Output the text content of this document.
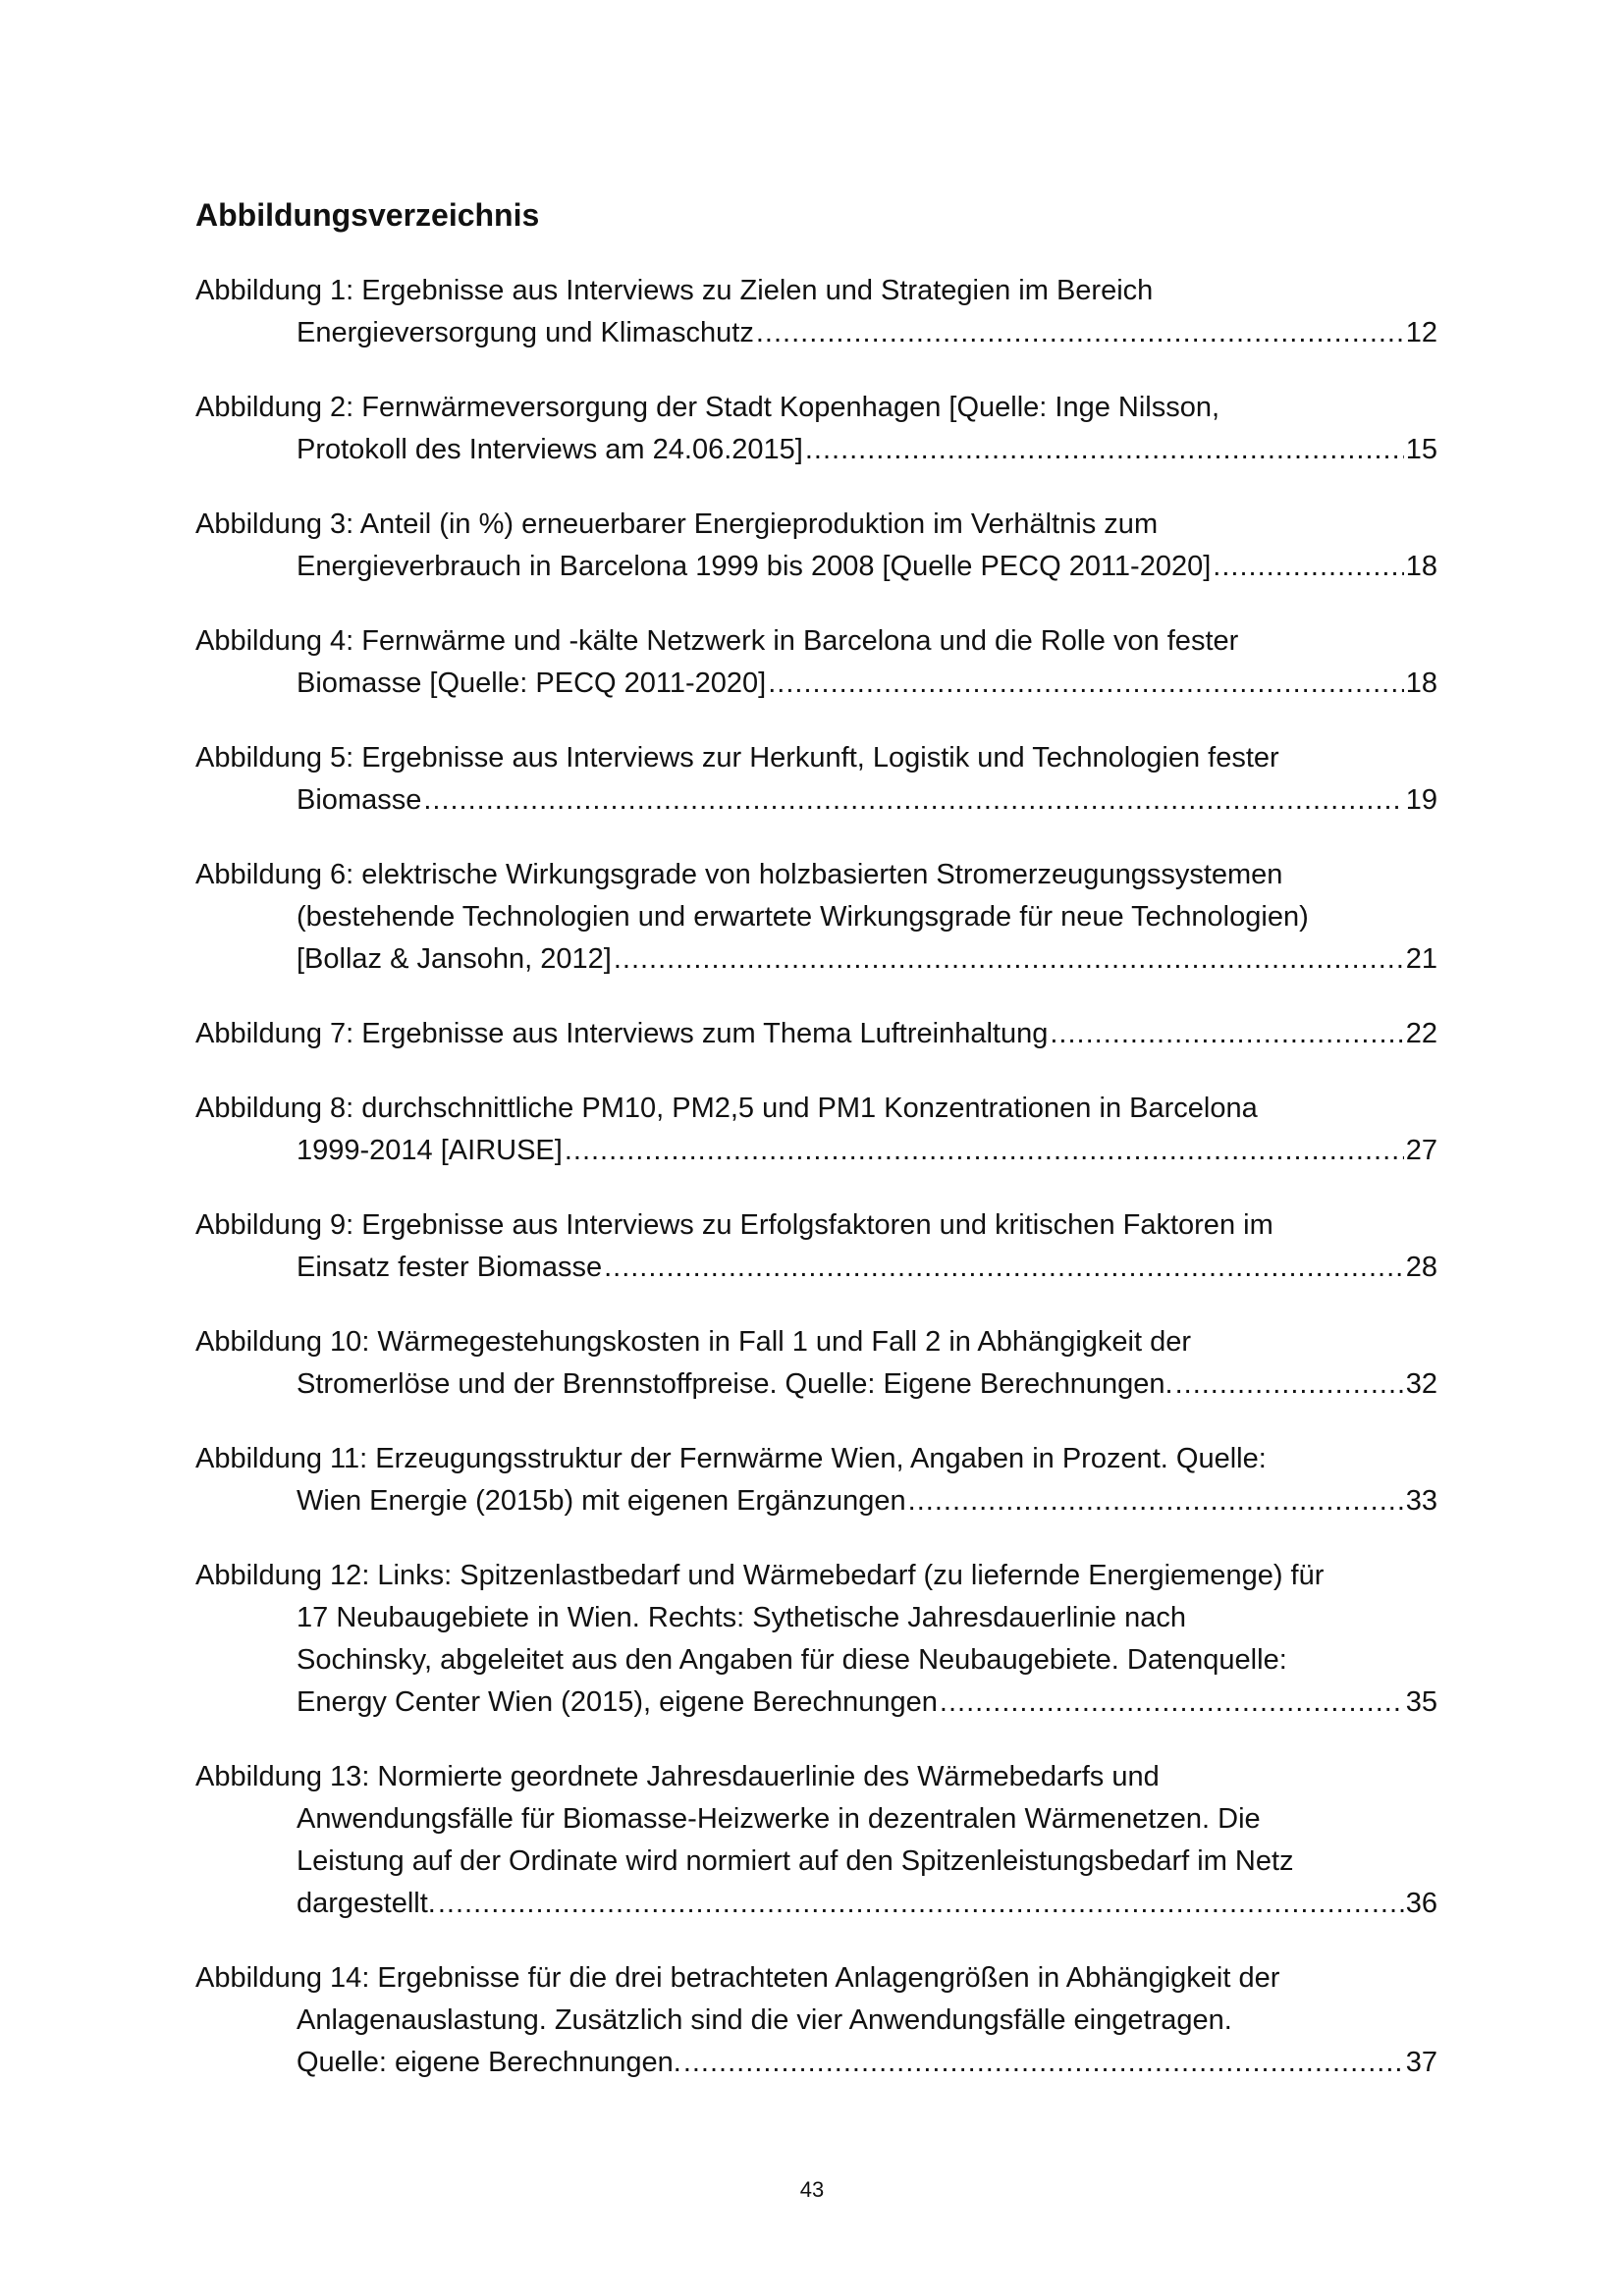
Abbildungsverzeichnis
Abbildung 1: Ergebnisse aus Interviews zu Zielen und Strategien im Bereich
Energieversorgung und Klimaschutz .....	12
Abbildung 2: Fernwärmeversorgung der Stadt Kopenhagen [Quelle: Inge Nilsson,
Protokoll des Interviews am 24.06.2015] .....	15
Abbildung 3: Anteil (in %) erneuerbarer Energieproduktion im Verhältnis zum
Energieverbrauch in Barcelona 1999 bis 2008 [Quelle PECQ 2011-2020] .....	18
Abbildung 4: Fernwärme und -kälte Netzwerk in Barcelona und die Rolle von fester
Biomasse [Quelle: PECQ 2011-2020] .....	18
Abbildung 5: Ergebnisse aus Interviews zur Herkunft, Logistik und Technologien fester
Biomasse .....	19
Abbildung 6: elektrische Wirkungsgrade von holzbasierten Stromerzeugungssystemen
(bestehende Technologien und erwartete Wirkungsgrade für neue Technologien)
[Bollaz & Jansohn, 2012] .....	21
Abbildung 7: Ergebnisse aus Interviews zum Thema Luftreinhaltung .....	22
Abbildung 8: durchschnittliche PM10, PM2,5 und PM1 Konzentrationen in Barcelona
1999-2014 [AIRUSE] .....	27
Abbildung 9: Ergebnisse aus Interviews zu Erfolgsfaktoren und kritischen Faktoren im
Einsatz fester Biomasse .....	28
Abbildung 10: Wärmegestehungskosten in Fall 1 und Fall 2 in Abhängigkeit der
Stromerlöse und der Brennstoffpreise. Quelle: Eigene Berechnungen. .....	32
Abbildung 11: Erzeugungsstruktur der Fernwärme Wien, Angaben in Prozent. Quelle:
Wien Energie (2015b) mit eigenen Ergänzungen .....	33
Abbildung 12: Links: Spitzenlastbedarf und Wärmebedarf (zu liefernde Energiemenge) für
17 Neubaugebiete in Wien. Rechts: Sythetische Jahresdauerlinie nach
Sochinsky, abgeleitet aus den Angaben für diese Neubaugebiete. Datenquelle:
Energy Center Wien (2015), eigene Berechnungen .....	35
Abbildung 13: Normierte geordnete Jahresdauerlinie des Wärmebedarfs und
Anwendungsfälle für Biomasse-Heizwerke in dezentralen Wärmenetzen. Die
Leistung auf der Ordinate wird normiert auf den Spitzenleistungsbedarf im Netz
dargestellt. .....	36
Abbildung 14: Ergebnisse für die drei betrachteten Anlagengrößen in Abhängigkeit der
Anlagenauslastung. Zusätzlich sind die vier Anwendungsfälle eingetragen.
Quelle: eigene Berechnungen. .....	37
43
